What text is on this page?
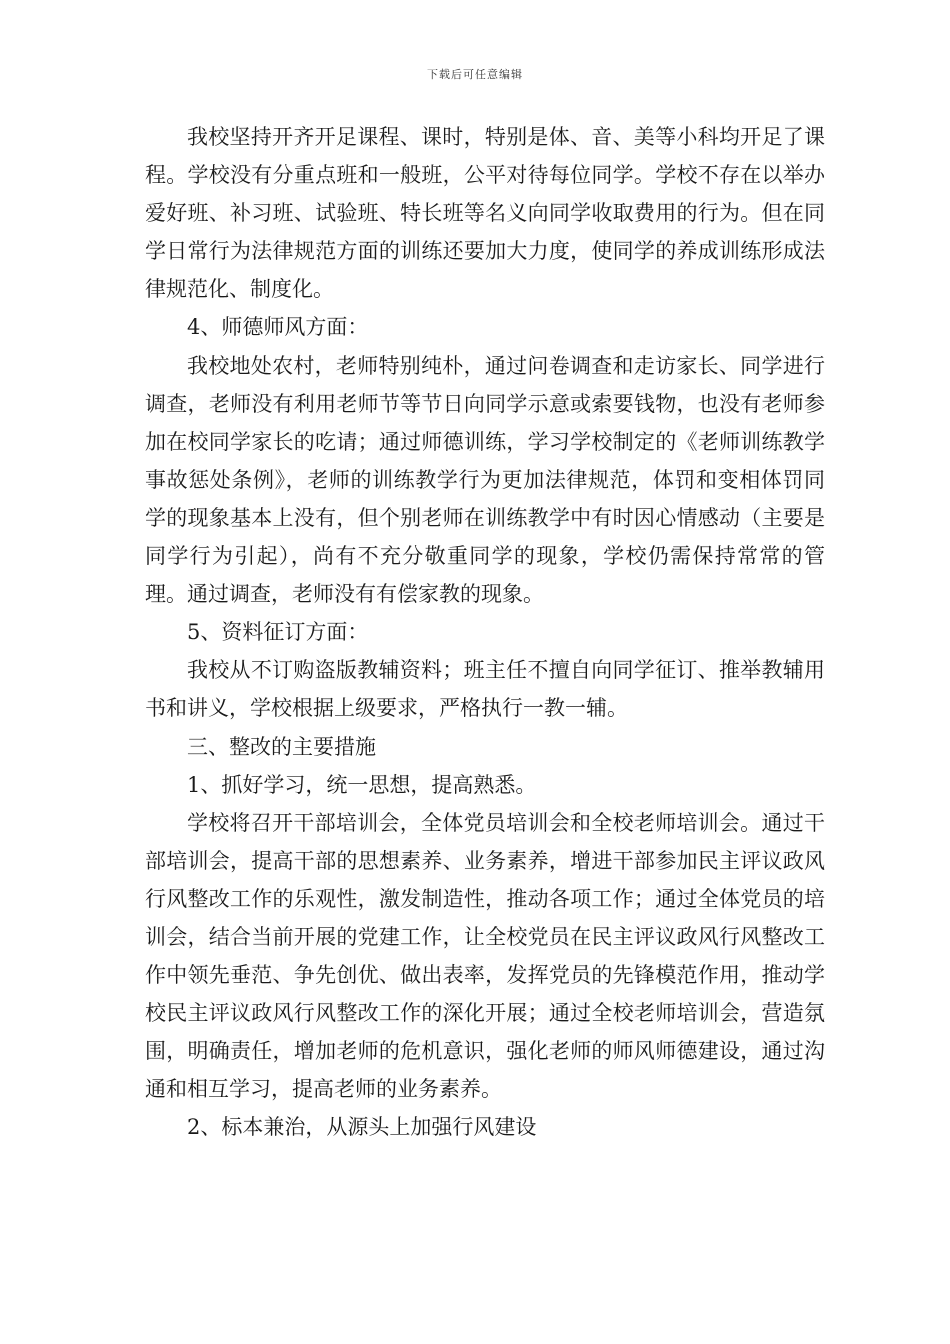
下载后可任意编辑

我校坚持开齐开足课程、课时，特别是体、音、美等小科均开足了课程。学校没有分重点班和一般班，公平对待每位同学。学校不存在以举办爱好班、补习班、试验班、特长班等名义向同学收取费用的行为。但在同学日常行为法律规范方面的训练还要加大力度，使同学的养成训练形成法律规范化、制度化。

4、师德师风方面：

我校地处农村，老师特别纯朴，通过问卷调查和走访家长、同学进行调查，老师没有利用老师节等节日向同学示意或索要钱物，也没有老师参加在校同学家长的吃请；通过师德训练，学习学校制定的《老师训练教学事故惩处条例》，老师的训练教学行为更加法律规范，体罚和变相体罚同学的现象基本上没有，但个别老师在训练教学中有时因心情感动（主要是同学行为引起），尚有不充分敬重同学的现象，学校仍需保持常常的管理。通过调查，老师没有有偿家教的现象。

5、资料征订方面：

我校从不订购盗版教辅资料；班主任不擅自向同学征订、推举教辅用书和讲义，学校根据上级要求，严格执行一教一辅。

三、整改的主要措施

1、抓好学习，统一思想，提高熟悉。

学校将召开干部培训会，全体党员培训会和全校老师培训会。通过干部培训会，提高干部的思想素养、业务素养，增进干部参加民主评议政风行风整改工作的乐观性，激发制造性，推动各项工作；通过全体党员的培训会，结合当前开展的党建工作，让全校党员在民主评议政风行风整改工作中领先垂范、争先创优、做出表率，发挥党员的先锋模范作用，推动学校民主评议政风行风整改工作的深化开展；通过全校老师培训会，营造氛围，明确责任，增加老师的危机意识，强化老师的师风师德建设，通过沟通和相互学习，提高老师的业务素养。

2、标本兼治，从源头上加强行风建设
